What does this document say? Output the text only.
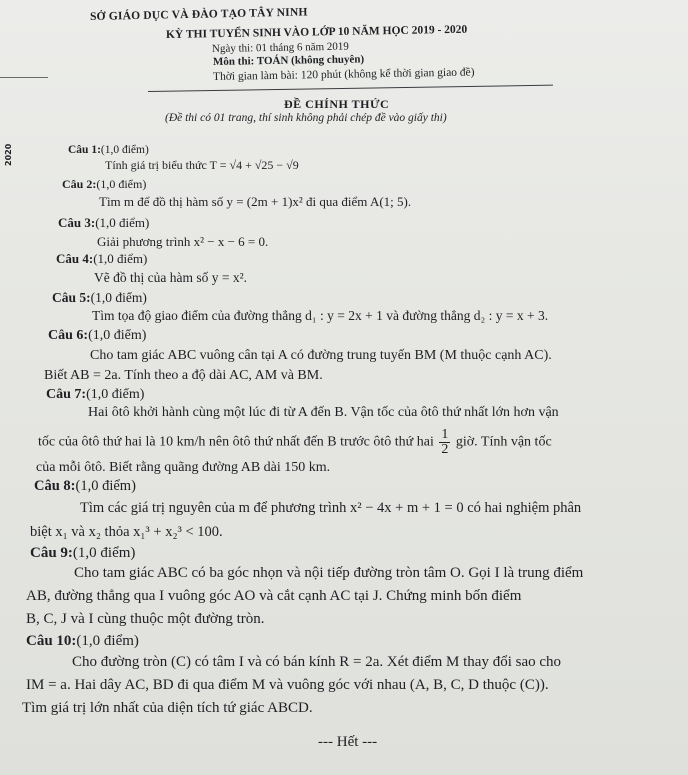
2020
SỞ GIÁO DỤC VÀ ĐÀO TẠO TÂY NINH
KỲ THI TUYỂN SINH VÀO LỚP 10 NĂM HỌC 2019 - 2020
Ngày thi: 01 tháng 6 năm 2019
Môn thi: TOÁN (không chuyên)
Thời gian làm bài: 120 phút (không kể thời gian giao đề)
ĐỀ CHÍNH THỨC
(Đề thi có 01 trang, thí sinh không phải chép đề vào giấy thi)
Câu 1:(1,0 điểm)
Tính giá trị biểu thức T = √4 + √25 − √9
Câu 2:(1,0 điểm)
Tìm m để đồ thị hàm số y = (2m + 1)x² đi qua điểm A(1; 5).
Câu 3:(1,0 điểm)
Giải phương trình x² − x − 6 = 0.
Câu 4:(1,0 điểm)
Vẽ đồ thị của hàm số y = x².
Câu 5:(1,0 điểm)
Tìm tọa độ giao điểm của đường thẳng d₁ : y = 2x + 1 và đường thẳng d₂ : y = x + 3.
Câu 6:(1,0 điểm)
Cho tam giác ABC vuông cân tại A có đường trung tuyến BM (M thuộc cạnh AC).
Biết AB = 2a. Tính theo a độ dài AC, AM và BM.
Câu 7:(1,0 điểm)
Hai ôtô khởi hành cùng một lúc đi từ A đến B. Vận tốc của ôtô thứ nhất lớn hơn vận
tốc của ôtô thứ hai là 10 km/h nên ôtô thứ nhất đến B trước ôtô thứ hai $\frac{1}{2}$ giờ. Tính vận tốc
của mỗi ôtô. Biết rằng quãng đường AB dài 150 km.
Câu 8:(1,0 điểm)
Tìm các giá trị nguyên của m để phương trình x² − 4x + m + 1 = 0 có hai nghiệm phân
biệt x₁ và x₂ thỏa x₁³ + x₂³ < 100.
Câu 9:(1,0 điểm)
Cho tam giác ABC có ba góc nhọn và nội tiếp đường tròn tâm O. Gọi I là trung điểm
AB, đường thẳng qua I vuông góc AO và cắt cạnh AC tại J. Chứng minh bốn điểm
B, C, J và I cùng thuộc một đường tròn.
Câu 10:(1,0 điểm)
Cho đường tròn (C) có tâm I và có bán kính R = 2a. Xét điểm M thay đổi sao cho
IM = a. Hai dây AC, BD đi qua điểm M và vuông góc với nhau (A, B, C, D thuộc (C)).
Tìm giá trị lớn nhất của diện tích tứ giác ABCD.
--- Hết ---
